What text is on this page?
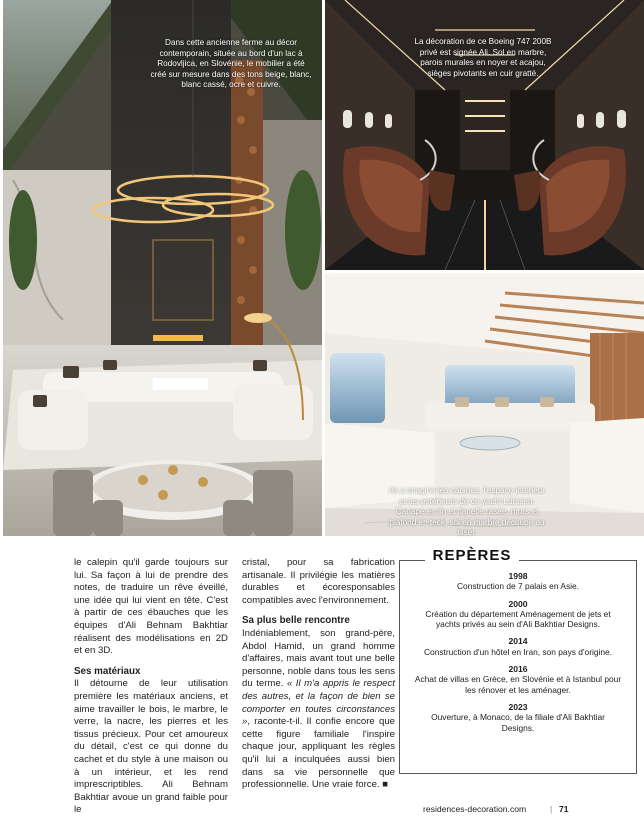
Dans cette ancienne ferme au décor contemporain, située au bord d'un lac à Rodovljica, en Slovénie, le mobilier a été créé sur mesure dans des tons beige, blanc, blanc cassé, ocre et cuivre.
La décoration de ce Boeing 747 200B privé est signée Ali. Sol en marbre, parois murales en noyer et acajou, sièges pivotants en cuir gratté.
Ali a imaginé les cabines, l'espace intérieur et les extérieurs de ce yacht Lürssen. Canapé en lin et flanelle rasée, murs et plafond en teck, sol en marbre découpé au laser.

le calepin qu'il garde toujours sur lui. Sa façon à lui de prendre des notes, de traduire un rêve éveillé, une idée qui lui vient en tête. C'est à partir de ces ébauches que les équipes d'Ali Behnam Bakhtiar réalisent des modélisations en 2D et en 3D.

Ses matériaux

Il détourne de leur utilisation première les matériaux anciens, et aime travailler le bois, le marbre, le verre, la nacre, les pierres et les tissus précieux. Pour cet amoureux du détail, c'est ce qui donne du cachet et du style à une maison ou à un intérieur, et les rend imprescriptibles. Ali Behnam Bakhtiar avoue un grand faible pour le

cristal, pour sa fabrication artisanale. Il privilégie les matières durables et écoresponsables compatibles avec l'environnement.

Sa plus belle rencontre

Indéniablement, son grand-père, Abdol Hamid, un grand homme d'affaires, mais avant tout une belle personne, noble dans tous les sens du terme. « Il m'a appris le respect des autres, et la façon de bien se comporter en toutes circonstances », raconte-t-il. Il confie encore que cette figure familiale l'inspire chaque jour, appliquant les règles qu'il lui a inculquées aussi bien dans sa vie personnelle que professionnelle. Une vraie force. ■

1998
Construction de 7 palais en Asie.
2000
Création du département Aménagement de jets et yachts privés au sein d'Ali Bakhtiar Designs.
2014
Construction d'un hôtel en Iran, son pays d'origine.
2016
Achat de villas en Grèce, en Slovénie et à Istanbul pour les rénover et les aménager.
2023
Ouverture, à Monaco, de la filiale d'Ali Bakhtiar Designs.
REPÈRES
residences-decoration.com	| 71
